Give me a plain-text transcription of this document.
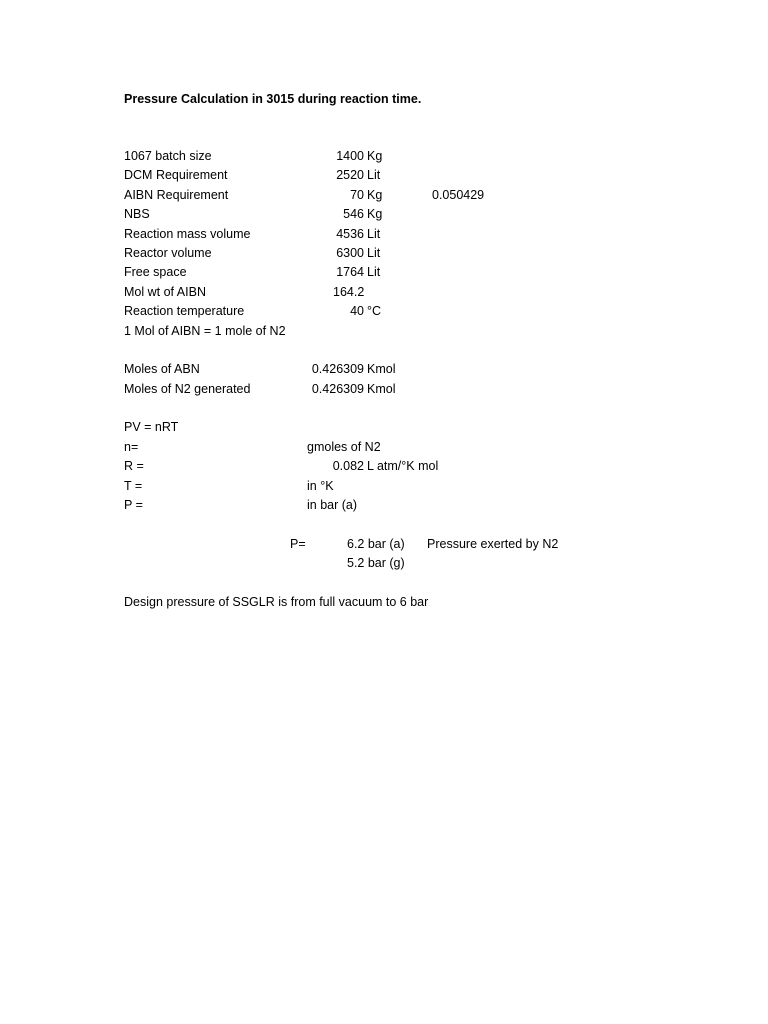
Pressure Calculation in 3015 during reaction time.
1067 batch size	1400 Kg
DCM Requirement	2520 Lit
AIBN Requirement	70 Kg	0.050429
NBS	546 Kg
Reaction mass volume	4536 Lit
Reactor volume	6300 Lit
Free space	1764 Lit
Mol wt of AIBN	164.2
Reaction temperature	40 °C
1 Mol of AIBN = 1 mole of N2
Moles of ABN	0.426309 Kmol
Moles of N2 generated	0.426309 Kmol
PV = nRT
n=	gmoles of N2
R =	0.082 L atm/°K mol
T =	in °K
P =	in bar (a)
P=	6.2 bar (a) Pressure exerted by N2
5.2 bar (g)
Design pressure of SSGLR is from full vacuum to 6 bar
